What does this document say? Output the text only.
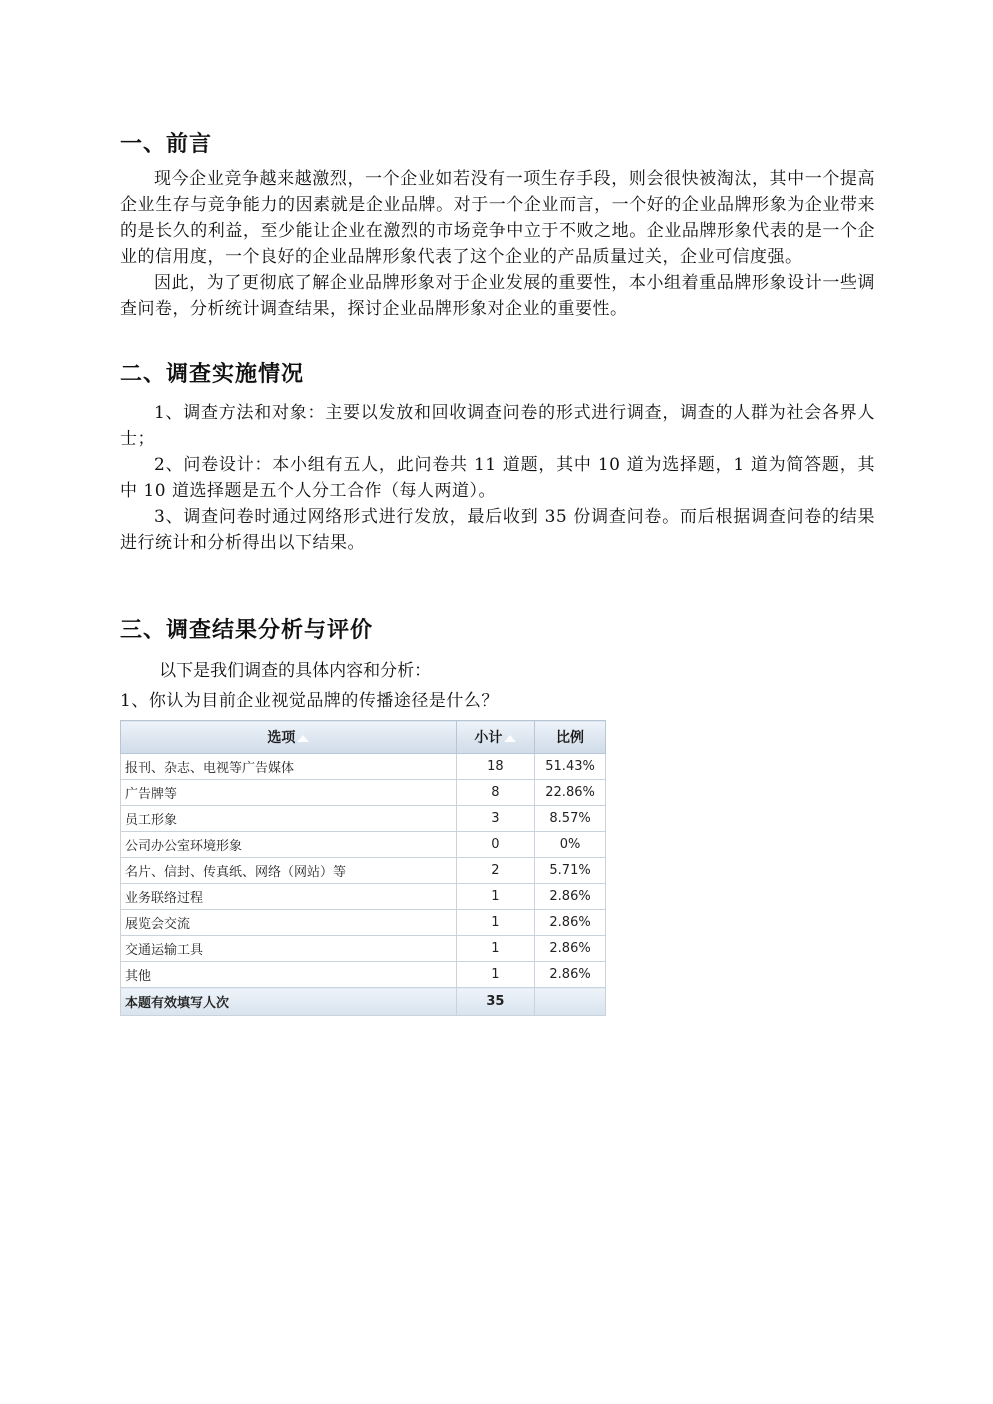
一、前言

现今企业竞争越来越激烈，一个企业如若没有一项生存手段，则会很快被淘汰，其中一个提高企业生存与竞争能力的因素就是企业品牌。对于一个企业而言，一个好的企业品牌形象为企业带来的是长久的利益，至少能让企业在激烈的市场竞争中立于不败之地。企业品牌形象代表的是一个企业的信用度，一个良好的企业品牌形象代表了这个企业的产品质量过关，企业可信度强。

因此，为了更彻底了解企业品牌形象对于企业发展的重要性，本小组着重品牌形象设计一些调查问卷，分析统计调查结果，探讨企业品牌形象对企业的重要性。

二、调查实施情况

1、调查方法和对象：主要以发放和回收调查问卷的形式进行调查，调查的人群为社会各界人士；

2、问卷设计：本小组有五人，此问卷共 11 道题，其中 10 道为选择题，1 道为简答题，其中 10 道选择题是五个人分工合作（每人两道）。

3、调查问卷时通过网络形式进行发放，最后收到 35 份调查问卷。而后根据调查问卷的结果进行统计和分析得出以下结果。

三、调查结果分析与评价
以下是我们调查的具体内容和分析：
1、你认为目前企业视觉品牌的传播途径是什么？
选项	小计	比例
报刊、杂志、电视等广告媒体	18	51.43%
广告牌等	8	22.86%
员工形象	3	8.57%
公司办公室环境形象	0	0%
名片、信封、传真纸、网络（网站）等	2	5.71%
业务联络过程	1	2.86%
展览会交流	1	2.86%
交通运输工具	1	2.86%
其他	1	2.86%
本题有效填写人次	35	
